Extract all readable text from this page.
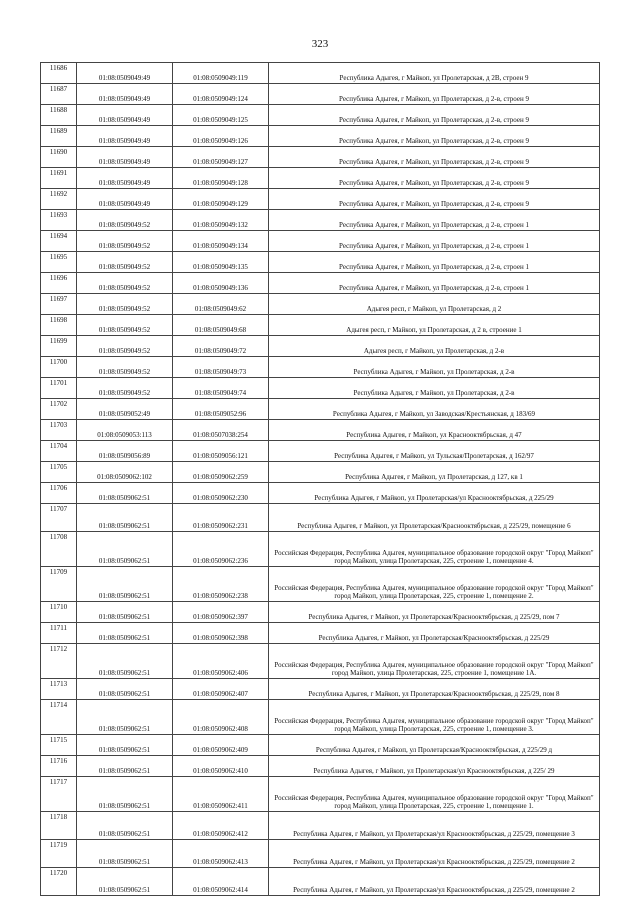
323
11686	01:08:0509049:49	01:08:0509049:119	Республика Адыгея, г Майкоп, ул Пролетарская, д 2В, строен 9
11687	01:08:0509049:49	01:08:0509049:124	Республика Адыгея, г Майкоп, ул Пролетарская, д 2-в, строен 9
11688	01:08:0509049:49	01:08:0509049:125	Республика Адыгея, г Майкоп, ул Пролетарская, д 2-в, строен 9
11689	01:08:0509049:49	01:08:0509049:126	Республика Адыгея, г Майкоп, ул Пролетарская, д 2-в, строен 9
11690	01:08:0509049:49	01:08:0509049:127	Республика Адыгея, г Майкоп, ул Пролетарская, д 2-в, строен 9
11691	01:08:0509049:49	01:08:0509049:128	Республика Адыгея, г Майкоп, ул Пролетарская, д 2-в, строен 9
11692	01:08:0509049:49	01:08:0509049:129	Республика Адыгея, г Майкоп, ул Пролетарская, д 2-в, строен 9
11693	01:08:0509049:52	01:08:0509049:132	Республика Адыгея, г Майкоп, ул Пролетарская, д 2-в, строен 1
11694	01:08:0509049:52	01:08:0509049:134	Республика Адыгея, г Майкоп, ул Пролетарская, д 2-в, строен 1
11695	01:08:0509049:52	01:08:0509049:135	Республика Адыгея, г Майкоп, ул Пролетарская, д 2-в, строен 1
11696	01:08:0509049:52	01:08:0509049:136	Республика Адыгея, г Майкоп, ул Пролетарская, д 2-в, строен 1
11697	01:08:0509049:52	01:08:0509049:62	Адыгея респ, г Майкоп, ул Пролетарская, д 2
11698	01:08:0509049:52	01:08:0509049:68	Адыгея респ, г Майкоп, ул Пролетарская, д 2 в, строение 1
11699	01:08:0509049:52	01:08:0509049:72	Адыгея респ, г Майкоп, ул Пролетарская, д 2-в
11700	01:08:0509049:52	01:08:0509049:73	Республика Адыгея, г Майкоп, ул Пролетарская, д 2-в
11701	01:08:0509049:52	01:08:0509049:74	Республика Адыгея, г Майкоп, ул Пролетарская, д 2-в
11702	01:08:0509052:49	01:08:0509052:96	Республика Адыгея, г Майкоп, ул Заводская/Крестьянская, д 183/69
11703	01:08:0509053:113	01:08:0507038:254	Республика Адыгея, г Майкоп, ул Краснооктябрьская, д 47
11704	01:08:0509056:89	01:08:0509056:121	Республика Адыгея, г Майкоп, ул Тульская/Пролетарская, д 162/97
11705	01:08:0509062:102	01:08:0509062:259	Республика Адыгея, г Майкоп, ул Пролетарская, д 127, кв 1
11706	01:08:0509062:51	01:08:0509062:230	Республика Адыгея, г Майкоп, ул Пролетарская/ул Краснооктябрьская, д 225/29
11707	01:08:0509062:51	01:08:0509062:231	Республика Адыгея, г Майкоп, ул Пролетарская/Краснооктябрьская, д 225/29, помещение 6
11708	01:08:0509062:51	01:08:0509062:236	Российская Федерация, Республика Адыгея, муниципальное образование городской округ "Город Майкоп" город Майкоп, улица Пролетарская, 225, строение 1, помещение 4.
11709	01:08:0509062:51	01:08:0509062:238	Российская Федерация, Республика Адыгея, муниципальное образование городской округ "Город Майкоп" город Майкоп, улица Пролетарская, 225, строение 1, помещение 2.
11710	01:08:0509062:51	01:08:0509062:397	Республика Адыгея, г Майкоп, ул Пролетарская/Краснооктябрьская, д 225/29, пом 7
11711	01:08:0509062:51	01:08:0509062:398	Республика Адыгея, г Майкоп, ул Пролетарская/Краснооктябрьская, д 225/29
11712	01:08:0509062:51	01:08:0509062:406	Российская Федерация, Республика Адыгея, муниципальное образование городской округ "Город Майкоп" город Майкоп, улица Пролетарская, 225, строение 1, помещение 1А.
11713	01:08:0509062:51	01:08:0509062:407	Республика Адыгея, г Майкоп, ул Пролетарская/Краснооктябрьская, д 225/29, пом 8
11714	01:08:0509062:51	01:08:0509062:408	Российская Федерация, Республика Адыгея, муниципальное образование городской округ "Город Майкоп" город Майкоп, улица Пролетарская, 225, строение 1, помещение 3.
11715	01:08:0509062:51	01:08:0509062:409	Республика Адыгея, г Майкоп, ул Пролетарская/Краснооктябрьская, д 225/29 д
11716	01:08:0509062:51	01:08:0509062:410	Республика Адыгея, г Майкоп, ул Пролетарская/ул Краснооктябрьская, д 225/ 29
11717	01:08:0509062:51	01:08:0509062:411	Российская Федерация, Республика Адыгея, муниципальное образование городской округ "Город Майкоп" город Майкоп, улица Пролетарская, 225, строение 1, помещение 1.
11718	01:08:0509062:51	01:08:0509062:412	Республика Адыгея, г Майкоп, ул Пролетарская/ул Краснооктябрьская, д 225/29, помещение 3
11719	01:08:0509062:51	01:08:0509062:413	Республика Адыгея, г Майкоп, ул Пролетарская/ул Краснооктябрьская, д 225/29, помещение 2
11720	01:08:0509062:51	01:08:0509062:414	Республика Адыгея, г Майкоп, ул Пролетарская/ул Краснооктябрьская, д 225/29, помещение 2
